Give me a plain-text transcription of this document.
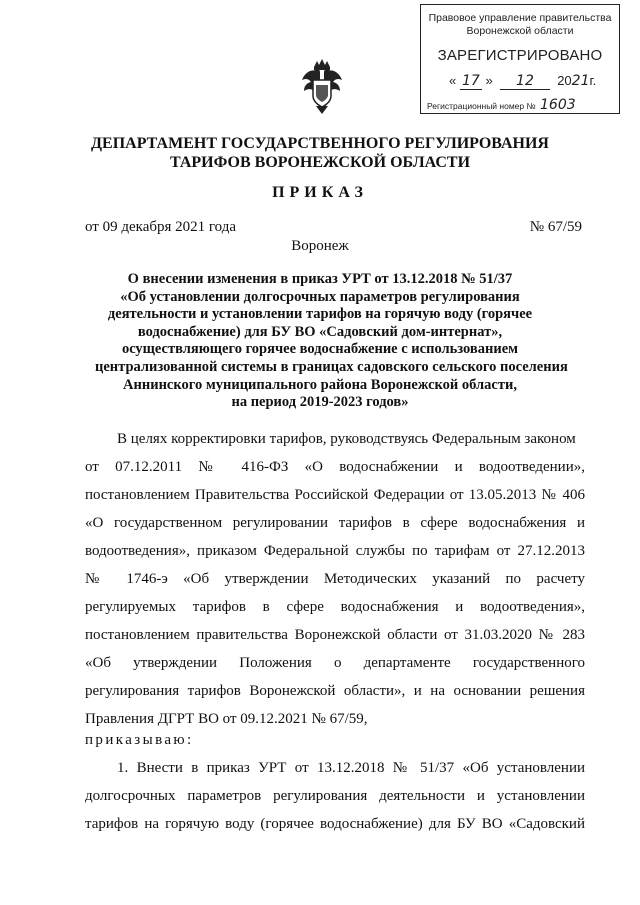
Правовое управление правительства
Воронежской области
ЗАРЕГИСТРИРОВАНО
« 17 » 12 2021г.
Регистрационный номер № 1603
ДЕПАРТАМЕНТ ГОСУДАРСТВЕННОГО РЕГУЛИРОВАНИЯ
ТАРИФОВ ВОРОНЕЖСКОЙ ОБЛАСТИ
ПРИКАЗ
от 09 декабря 2021 года	№ 67/59
Воронеж
О внесении изменения в приказ УРТ от 13.12.2018 № 51/37
«Об установлении долгосрочных параметров регулирования
деятельности и установлении тарифов на горячую воду (горячее
водоснабжение) для БУ ВО «Садовский дом-интернат»,
осуществляющего горячее водоснабжение с использованием
централизованной системы в границах садовского сельского поселения
Аннинского муниципального района Воронежской области,
на период 2019-2023 годов»
В целях корректировки тарифов, руководствуясь Федеральным законом
от 07.12.2011 № 416-ФЗ «О водоснабжении и водоотведении»,
постановлением Правительства Российской Федерации от 13.05.2013 № 406
«О государственном регулировании тарифов в сфере водоснабжения и
водоотведения», приказом Федеральной службы по тарифам от 27.12.2013
№ 1746-э «Об утверждении Методических указаний по расчету
регулируемых тарифов в сфере водоснабжения и водоотведения»,
постановлением правительства Воронежской области от 31.03.2020 № 283
«Об утверждении Положения о департаменте государственного
регулирования тарифов Воронежской области», и на основании решения
Правления ДГРТ ВО от 09.12.2021 № 67/59,
приказываю:
1. Внести в приказ УРТ от 13.12.2018 № 51/37 «Об установлении
долгосрочных параметров регулирования деятельности и установлении
тарифов на горячую воду (горячее водоснабжение) для БУ ВО «Садовский
